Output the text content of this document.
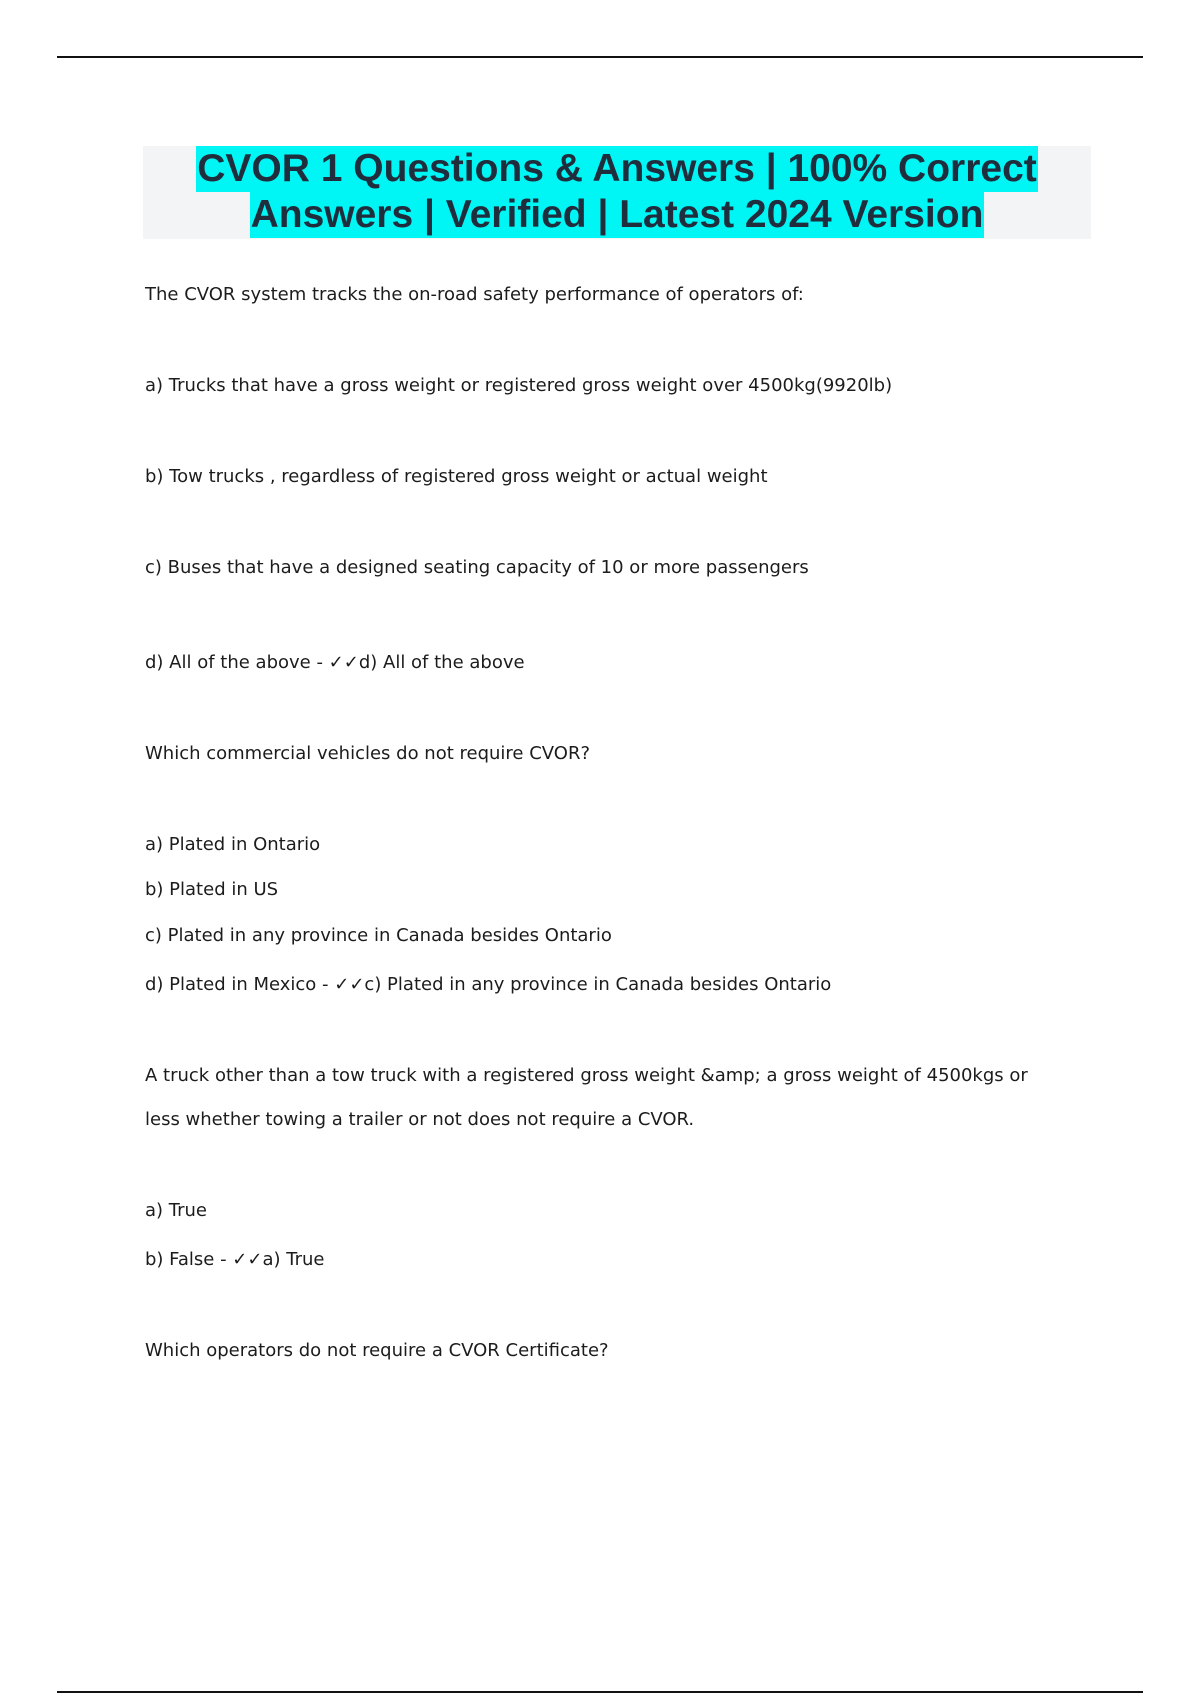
CVOR 1 Questions & Answers | 100% Correct
Answers | Verified | Latest 2024 Version

The CVOR system tracks the on-road safety performance of operators of:

a) Trucks that have a gross weight or registered gross weight over 4500kg(9920lb)

b) Tow trucks , regardless of registered gross weight or actual weight

c) Buses that have a designed seating capacity of 10 or more passengers

d) All of the above - ✓✓d) All of the above

Which commercial vehicles do not require CVOR?

a) Plated in Ontario

b) Plated in US

c) Plated in any province in Canada besides Ontario

d) Plated in Mexico - ✓✓c) Plated in any province in Canada besides Ontario

A truck other than a tow truck with a registered gross weight &amp; a gross weight of 4500kgs or

less whether towing a trailer or not does not require a CVOR.

a) True

b) False - ✓✓a) True

Which operators do not require a CVOR Certificate?
